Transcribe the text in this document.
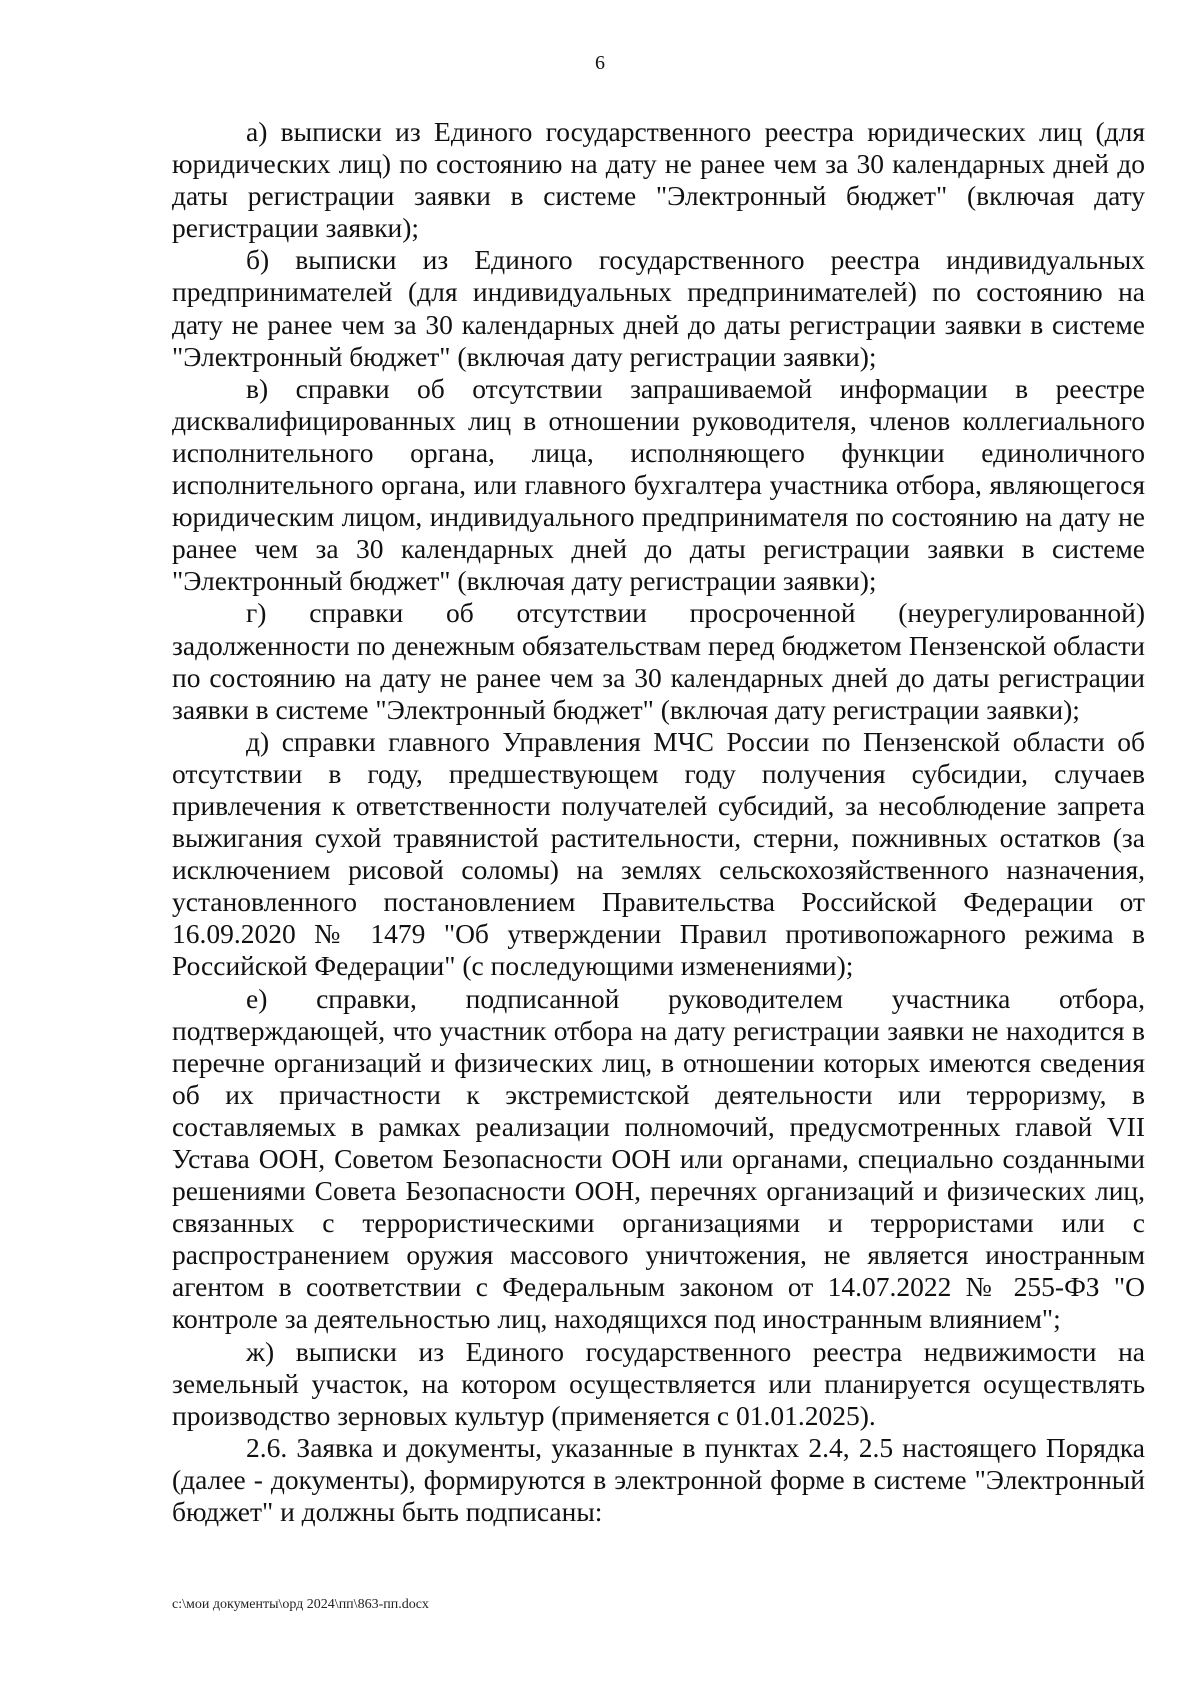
6

а) выписки из Единого государственного реестра юридических лиц (для юридических лиц) по состоянию на дату не ранее чем за 30 календарных дней до даты регистрации заявки в системе "Электронный бюджет" (включая дату регистрации заявки);

б) выписки из Единого государственного реестра индивидуальных предпринимателей (для индивидуальных предпринимателей) по состоянию на дату не ранее чем за 30 календарных дней до даты регистрации заявки в системе "Электронный бюджет" (включая дату регистрации заявки);

в) справки об отсутствии запрашиваемой информации в реестре дисквалифицированных лиц в отношении руководителя, членов коллегиального исполнительного органа, лица, исполняющего функции единоличного исполнительного органа, или главного бухгалтера участника отбора, являющегося юридическим лицом, индивидуального предпринимателя по состоянию на дату не ранее чем за 30 календарных дней до даты регистрации заявки в системе "Электронный бюджет" (включая дату регистрации заявки);

г) справки об отсутствии просроченной (неурегулированной) задолженности по денежным обязательствам перед бюджетом Пензенской области по состоянию на дату не ранее чем за 30 календарных дней до даты регистрации заявки в системе "Электронный бюджет" (включая дату регистрации заявки);

д) справки главного Управления МЧС России по Пензенской области об отсутствии в году, предшествующем году получения субсидии, случаев привлечения к ответственности получателей субсидий, за несоблюдение запрета выжигания сухой травянистой растительности, стерни, пожнивных остатков (за исключением рисовой соломы) на землях сельскохозяйственного назначения, установленного постановлением Правительства Российской Федерации от 16.09.2020 № 1479 "Об утверждении Правил противопожарного режима в Российской Федерации" (с последующими изменениями);

е) справки, подписанной руководителем участника отбора, подтверждающей, что участник отбора на дату регистрации заявки не находится в перечне организаций и физических лиц, в отношении которых имеются сведения об их причастности к экстремистской деятельности или терроризму, в составляемых в рамках реализации полномочий, предусмотренных главой VII Устава ООН, Советом Безопасности ООН или органами, специально созданными решениями Совета Безопасности ООН, перечнях организаций и физических лиц, связанных с террористическими организациями и террористами или с распространением оружия массового уничтожения, не является иностранным агентом в соответствии с Федеральным законом от 14.07.2022 № 255-ФЗ "О контроле за деятельностью лиц, находящихся под иностранным влиянием";

ж) выписки из Единого государственного реестра недвижимости на земельный участок, на котором осуществляется или планируется осуществлять производство зерновых культур (применяется с 01.01.2025).

2.6. Заявка и документы, указанные в пунктах 2.4, 2.5 настоящего Порядка (далее - документы), формируются в электронной форме в системе "Электронный бюджет" и должны быть подписаны:

c:\мои документы\орд 2024\пп\863-пп.docx
